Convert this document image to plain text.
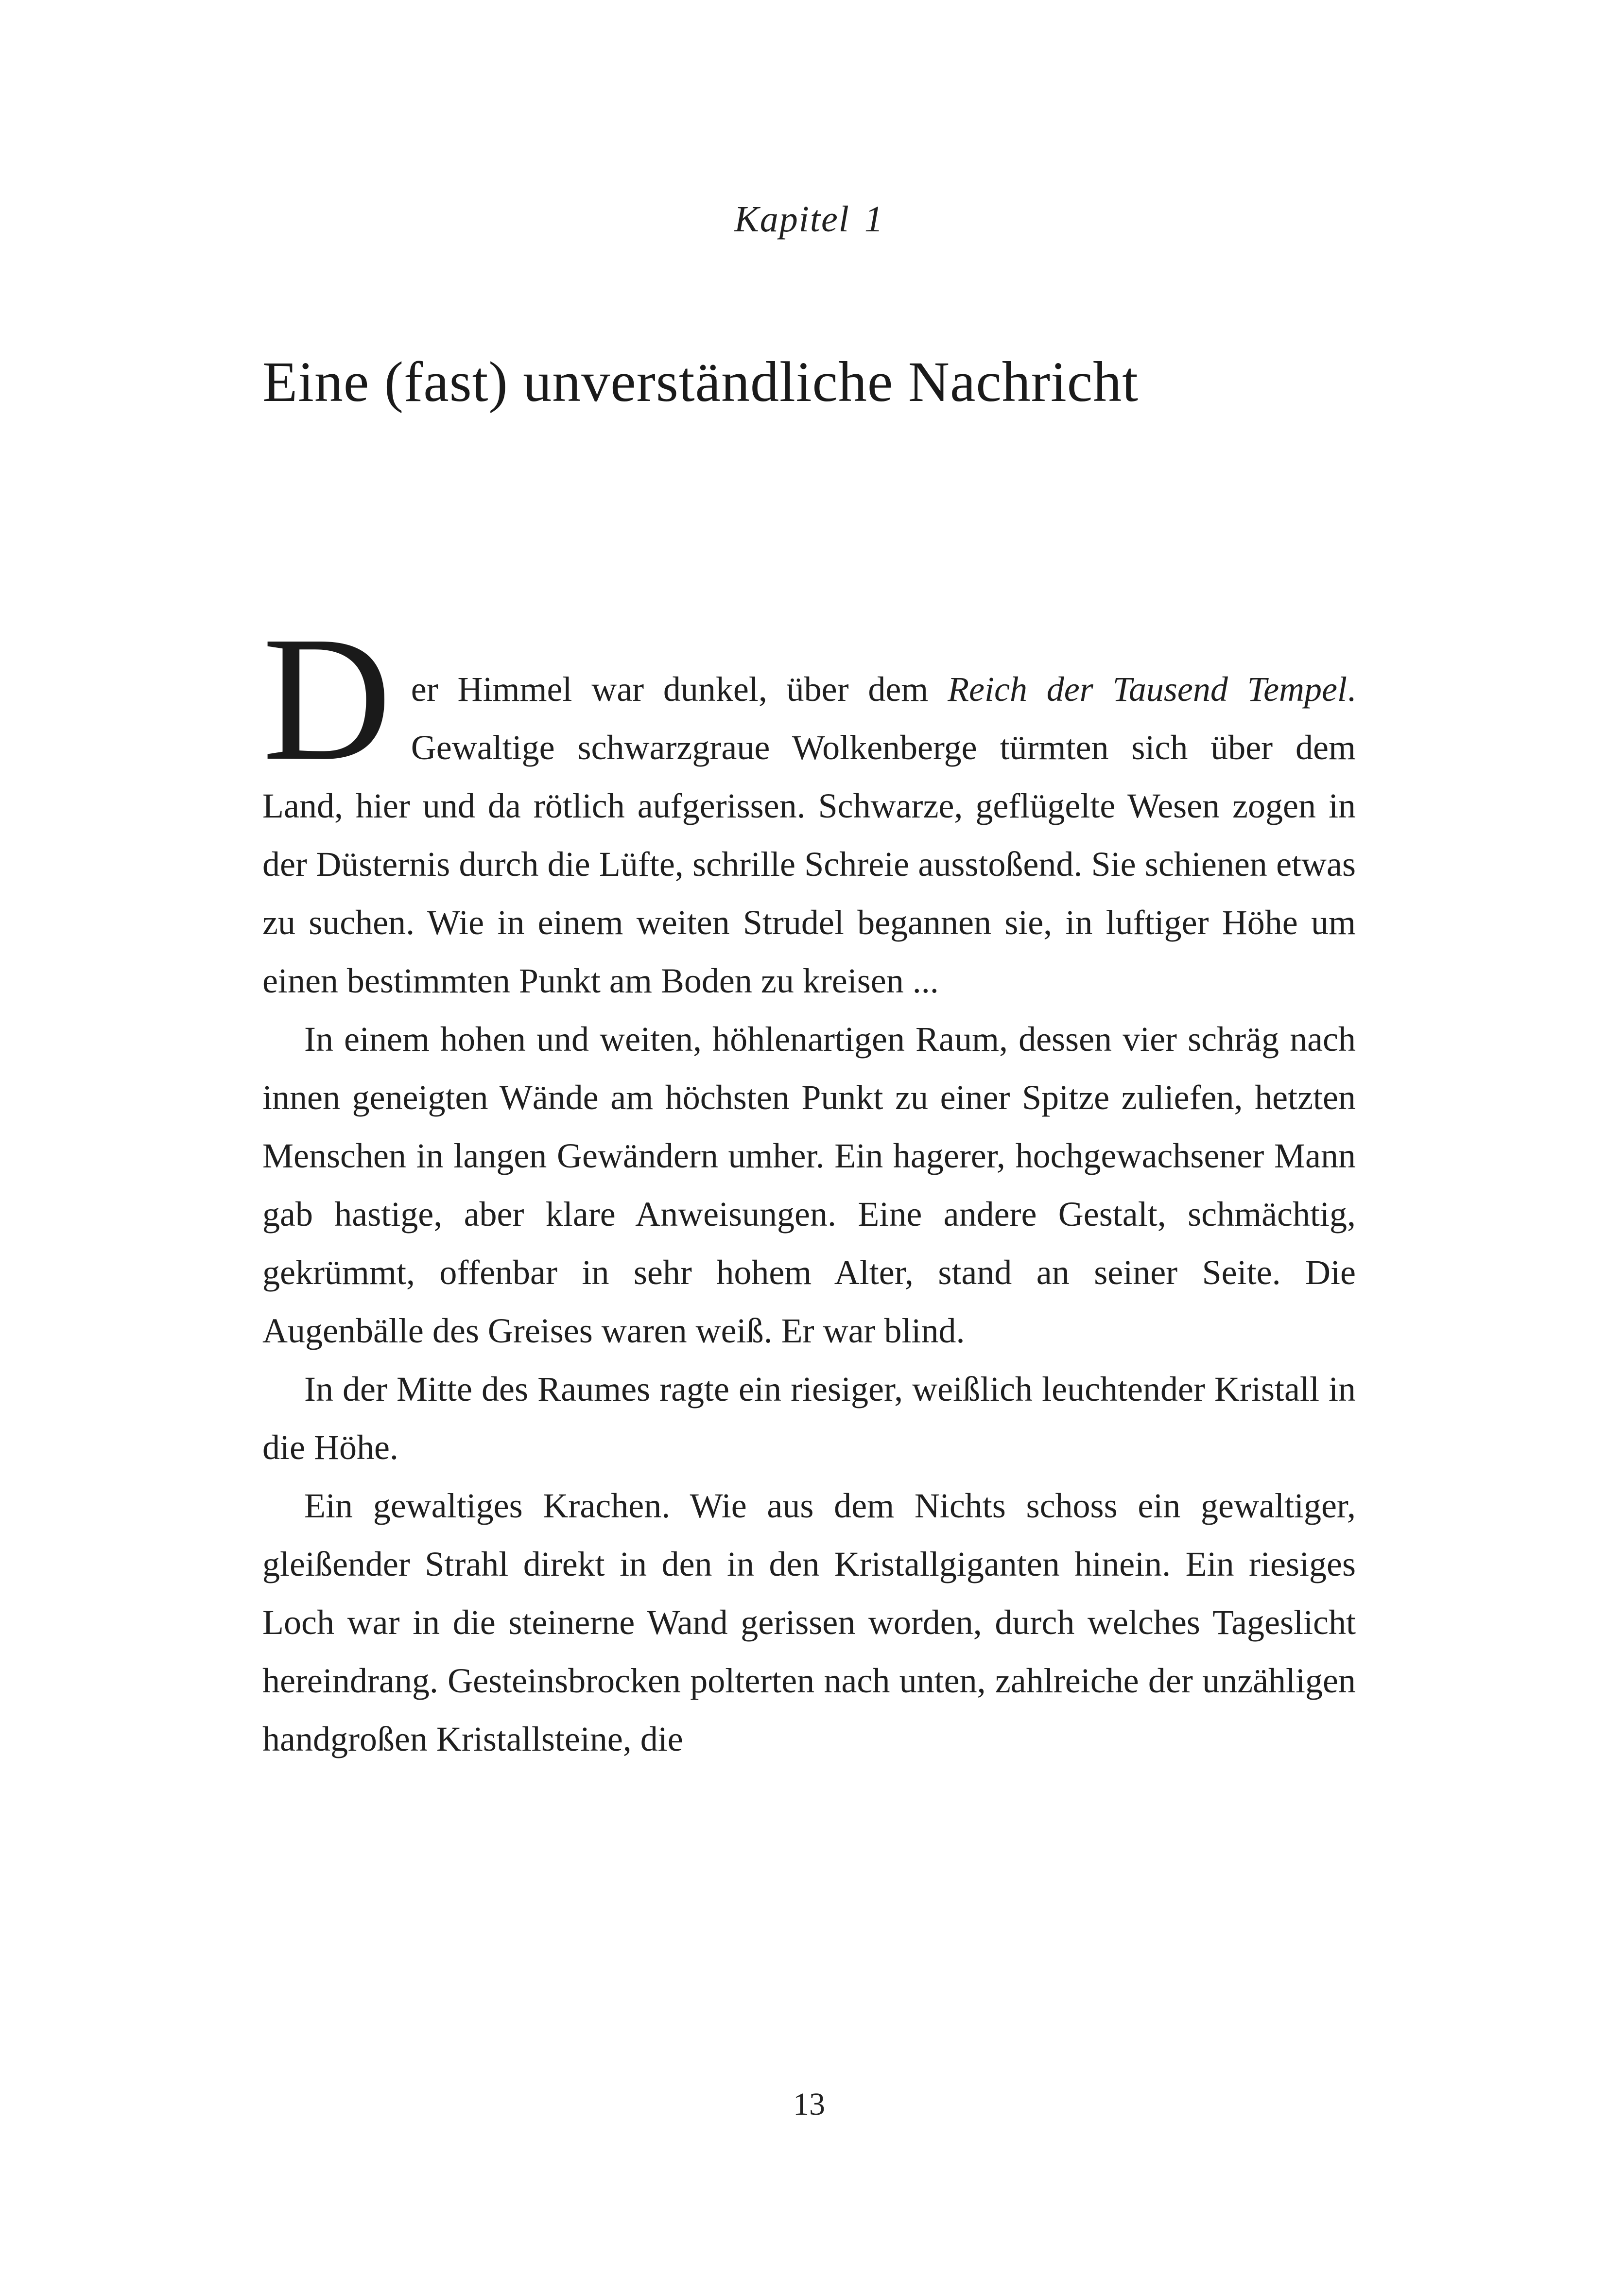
Kapitel 1
Eine (fast) unverständliche Nachricht

Der Himmel war dunkel, über dem Reich der Tausend Tempel. Gewaltige schwarzgraue Wolkenberge türmten sich über dem Land, hier und da rötlich aufgerissen. Schwarze, geflügelte Wesen zogen in der Düsternis durch die Lüfte, schrille Schreie ausstoßend. Sie schienen etwas zu suchen. Wie in einem weiten Strudel begannen sie, in luftiger Höhe um einen bestimmten Punkt am Boden zu kreisen ...

In einem hohen und weiten, höhlenartigen Raum, dessen vier schräg nach innen geneigten Wände am höchsten Punkt zu einer Spitze zuliefen, hetzten Menschen in langen Gewändern umher. Ein hagerer, hochgewachsener Mann gab hastige, aber klare Anweisungen. Eine andere Gestalt, schmächtig, gekrümmt, offenbar in sehr hohem Alter, stand an seiner Seite. Die Augenbälle des Greises waren weiß. Er war blind.

In der Mitte des Raumes ragte ein riesiger, weißlich leuchtender Kristall in die Höhe.

Ein gewaltiges Krachen. Wie aus dem Nichts schoss ein gewaltiger, gleißender Strahl direkt in den in den Kristallgiganten hinein. Ein riesiges Loch war in die steinerne Wand gerissen worden, durch welches Tageslicht hereindrang. Gesteinsbrocken polterten nach unten, zahlreiche der unzähligen handgroßen Kristallsteine, die

13
